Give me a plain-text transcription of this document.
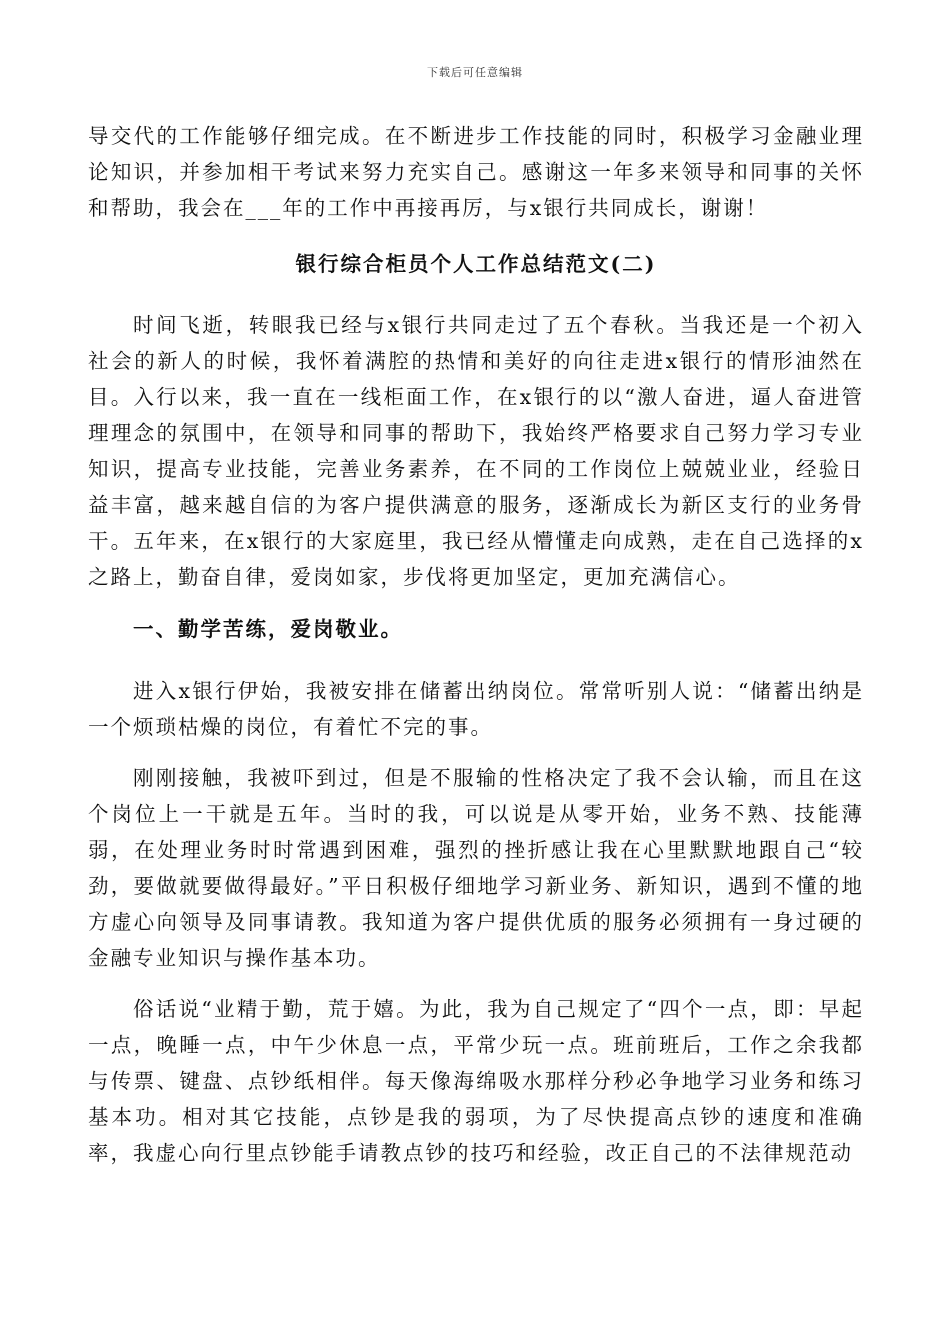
下载后可任意编辑

导交代的工作能够仔细完成。在不断进步工作技能的同时，积极学习金融业理论知识，并参加相干考试来努力充实自己。感谢这一年多来领导和同事的关怀和帮助，我会在___年的工作中再接再厉，与x银行共同成长，谢谢！

银行综合柜员个人工作总结范文(二)

时间飞逝，转眼我已经与x银行共同走过了五个春秋。当我还是一个初入社会的新人的时候，我怀着满腔的热情和美好的向往走进x银行的情形油然在目。入行以来，我一直在一线柜面工作，在x银行的以“激人奋进，逼人奋进管理理念的氛围中，在领导和同事的帮助下，我始终严格要求自己努力学习专业知识，提高专业技能，完善业务素养，在不同的工作岗位上兢兢业业，经验日益丰富，越来越自信的为客户提供满意的服务，逐渐成长为新区支行的业务骨干。五年来，在x银行的大家庭里，我已经从懵懂走向成熟，走在自己选择的x之路上，勤奋自律，爱岗如家，步伐将更加坚定，更加充满信心。

一、勤学苦练，爱岗敬业。

进入x银行伊始，我被安排在储蓄出纳岗位。常常听别人说：“储蓄出纳是一个烦琐枯燥的岗位，有着忙不完的事。

刚刚接触，我被吓到过，但是不服输的性格决定了我不会认输，而且在这个岗位上一干就是五年。当时的我，可以说是从零开始，业务不熟、技能薄弱，在处理业务时时常遇到困难，强烈的挫折感让我在心里默默地跟自己“较劲，要做就要做得最好。”平日积极仔细地学习新业务、新知识，遇到不懂的地方虚心向领导及同事请教。我知道为客户提供优质的服务必须拥有一身过硬的金融专业知识与操作基本功。

俗话说“业精于勤，荒于嬉。为此，我为自己规定了“四个一点，即：早起一点，晚睡一点，中午少休息一点，平常少玩一点。班前班后，工作之余我都与传票、键盘、点钞纸相伴。每天像海绵吸水那样分秒必争地学习业务和练习基本功。相对其它技能，点钞是我的弱项，为了尽快提高点钞的速度和准确率，我虚心向行里点钞能手请教点钞的技巧和经验，改正自己的不法律规范动
